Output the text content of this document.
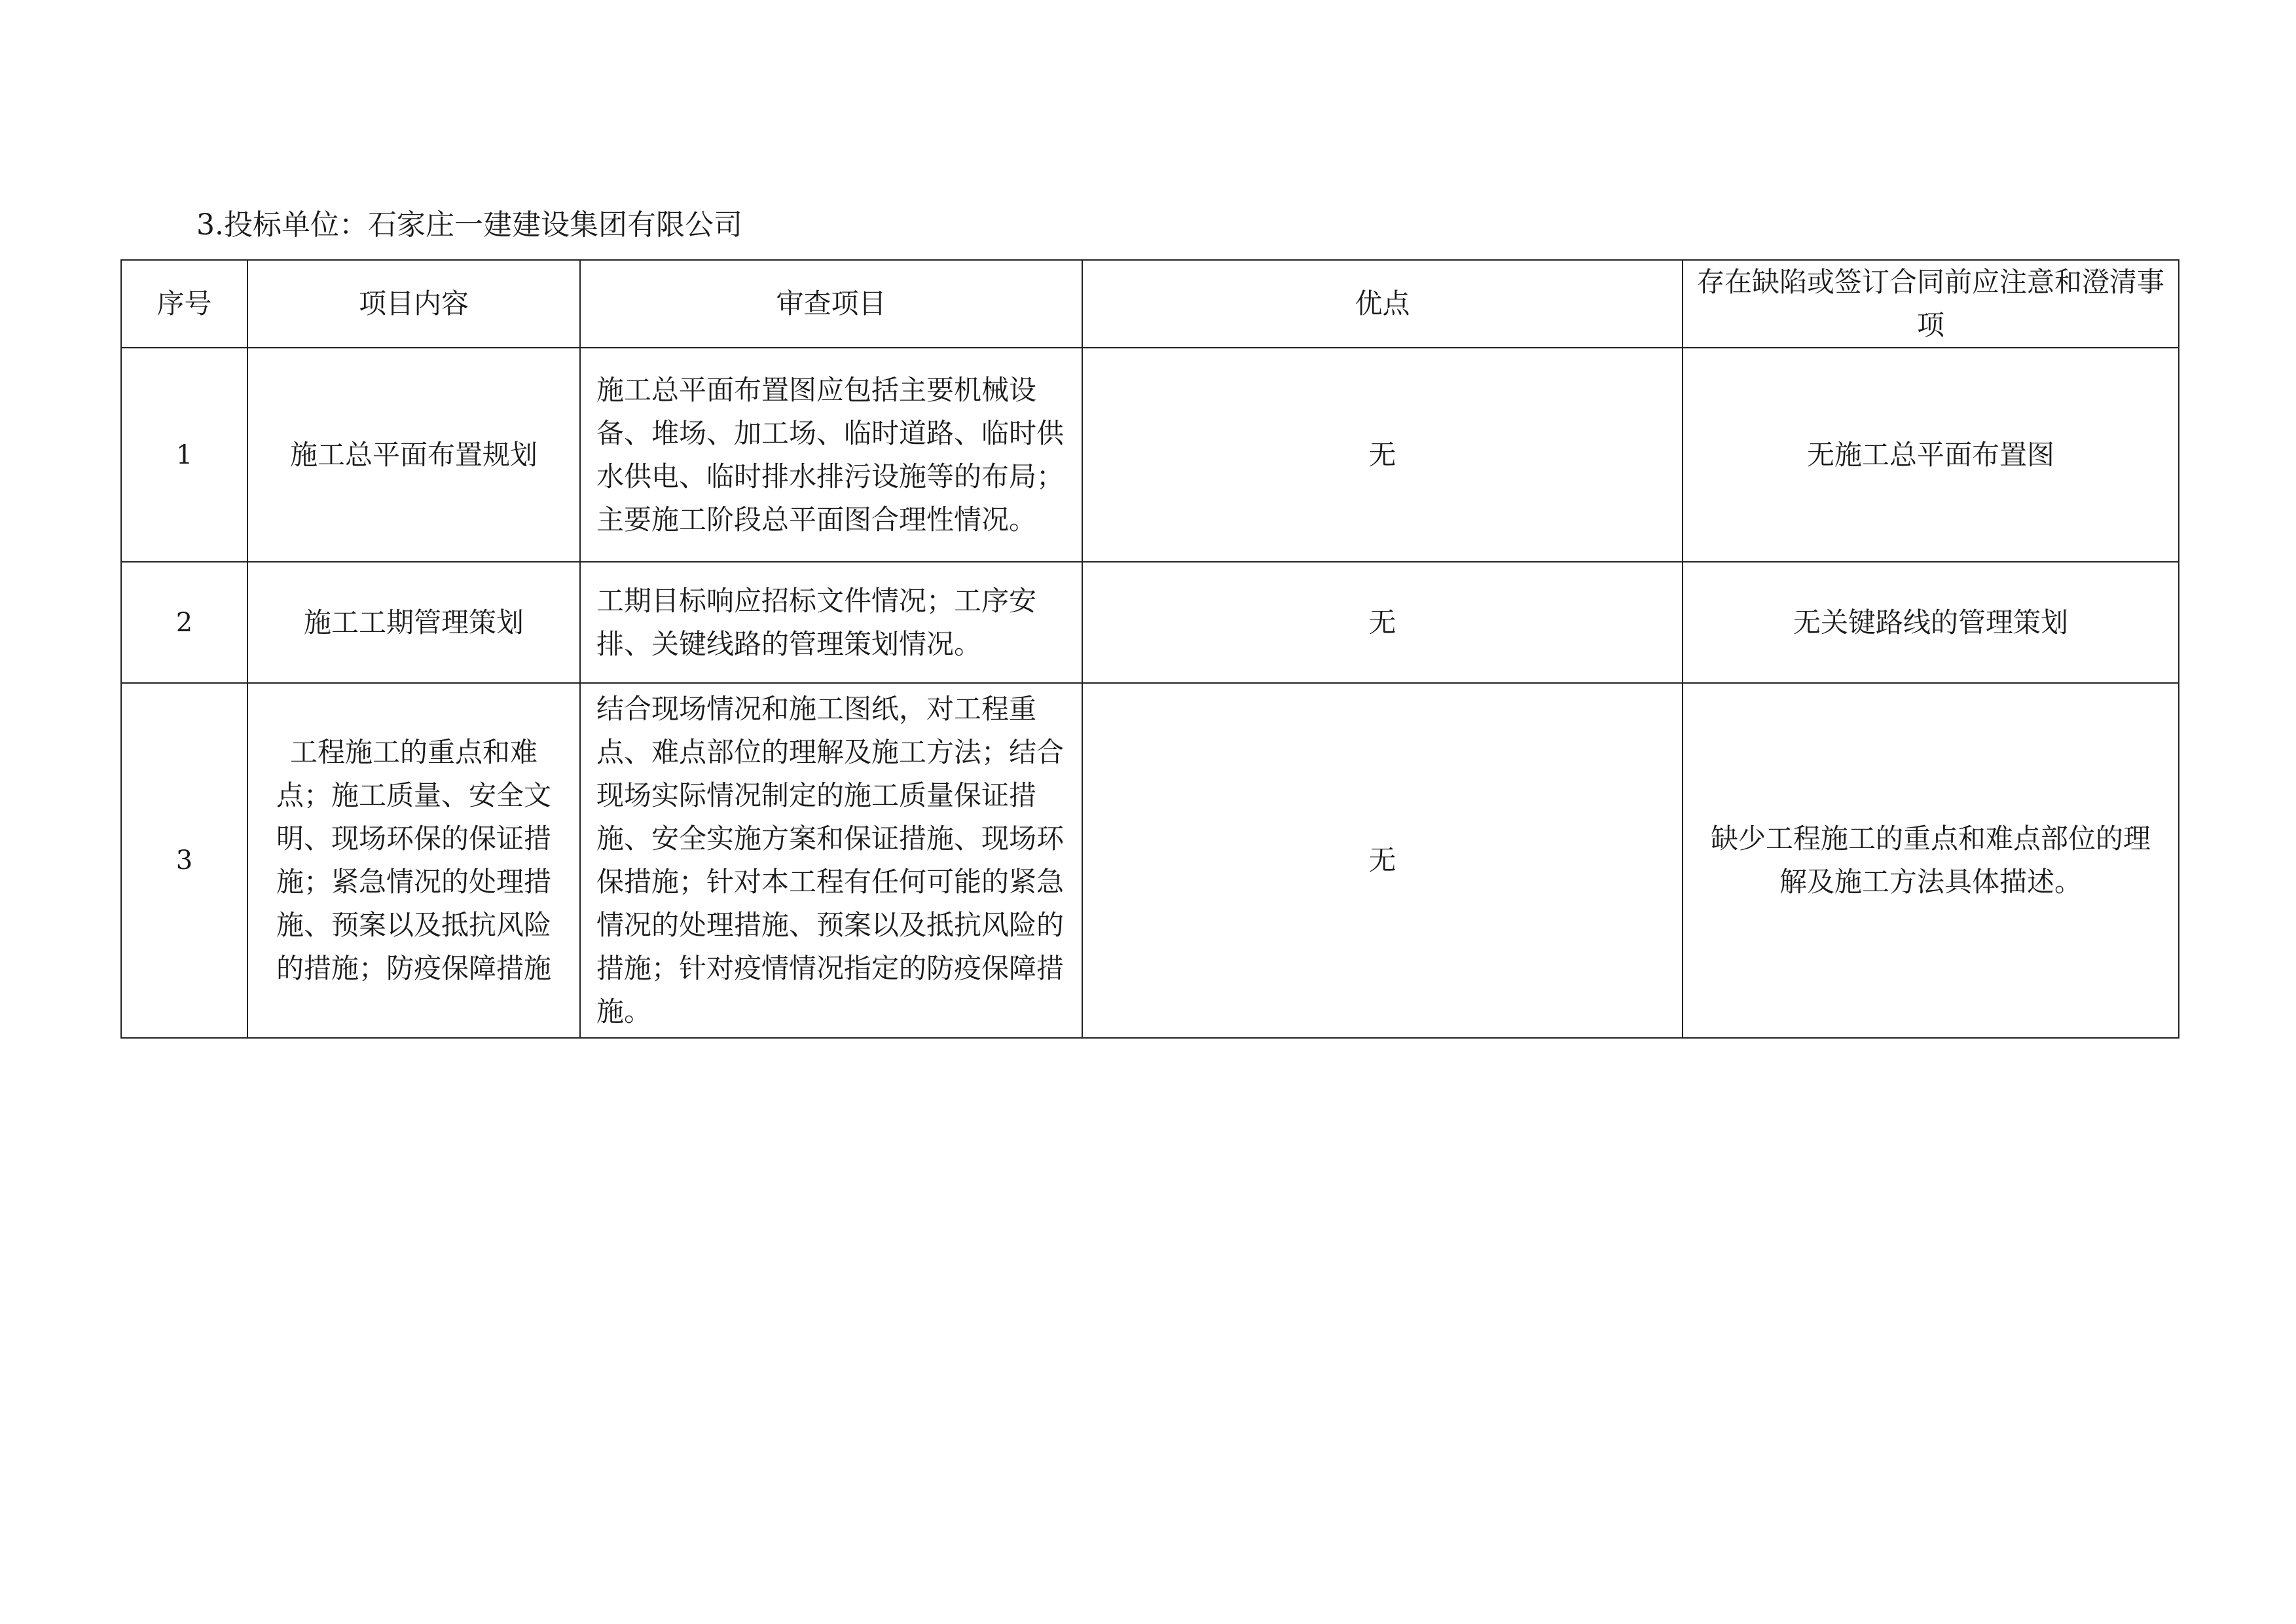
3.投标单位：石家庄一建建设集团有限公司
序号	项目内容	审查项目	优点	存在缺陷或签订合同前应注意和澄清事项
1	施工总平面布置规划	施工总平面布置图应包括主要机械设备、堆场、加工场、临时道路、临时供水供电、临时排水排污设施等的布局；主要施工阶段总平面图合理性情况。	无	无施工总平面布置图
2	施工工期管理策划	工期目标响应招标文件情况；工序安排、关键线路的管理策划情况。	无	无关键路线的管理策划
3	工程施工的重点和难点；施工质量、安全文明、现场环保的保证措施；紧急情况的处理措施、预案以及抵抗风险的措施；防疫保障措施	结合现场情况和施工图纸，对工程重点、难点部位的理解及施工方法；结合现场实际情况制定的施工质量保证措施、安全实施方案和保证措施、现场环保措施；针对本工程有任何可能的紧急情况的处理措施、预案以及抵抗风险的措施；针对疫情情况指定的防疫保障措施。	无	缺少工程施工的重点和难点部位的理解及施工方法具体描述。
